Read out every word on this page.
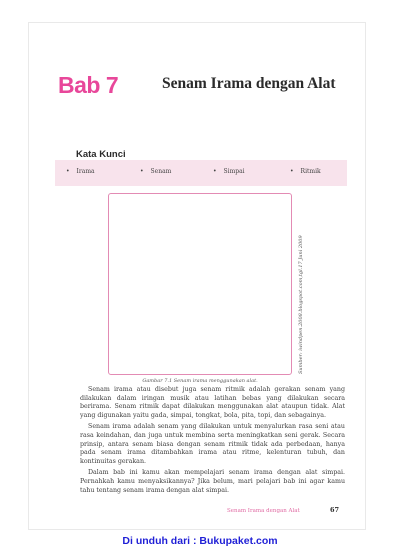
Bab 7	Senam Irama dengan Alat
Kata Kunci
• Irama	• Senam	• Simpai	• Ritmik
Sumber: iwindpen.2008.blogspot.com,tgl.17 Juni 2009
Gambar 7.1 Senam irama menggunakan alat.

Senam irama atau disebut juga senam ritmik adalah gerakan senam yang dilakukan dalam iringan musik atau latihan bebas yang dilakukan secara berirama. Senam ritmik dapat dilakukan menggunakan alat ataupun tidak. Alat yang digunakan yaitu gada, simpai, tongkat, bola, pita, topi, dan sebagainya.

Senam irama adalah senam yang dilakukan untuk menyalurkan rasa seni atau rasa keindahan, dan juga untuk membina serta meningkatkan seni gerak. Secara prinsip, antara senam biasa dengan senam ritmik tidak ada perbedaan, hanya pada senam irama ditambahkan irama atau ritme, kelenturan tubuh, dan kontinuitas gerakan.

Dalam bab ini kamu akan mempelajari senam irama dengan alat simpai. Pernahkah kamu menyaksikannya? Jika belum, mari pelajari bab ini agar kamu tahu tentang senam irama dengan alat simpai.

Senam Irama dengan Alat	67
Di unduh dari : Bukupaket.com
